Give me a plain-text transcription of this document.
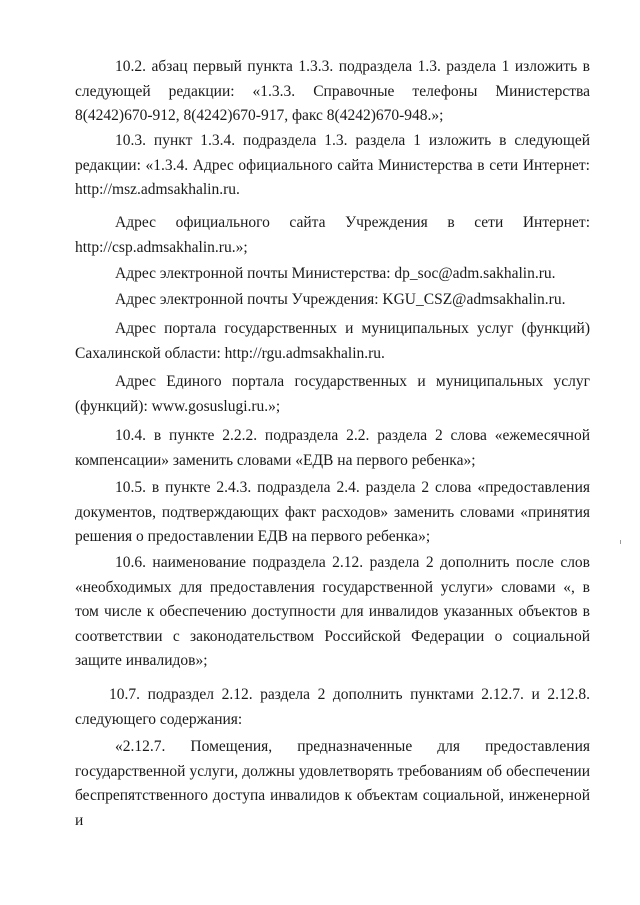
10.2. абзац первый пункта 1.3.3. подраздела 1.3. раздела 1 изложить в следующей редакции: «1.3.3. Справочные телефоны Министерства 8(4242)670-912, 8(4242)670-917, факс 8(4242)670-948.»;

10.3. пункт 1.3.4. подраздела 1.3. раздела 1 изложить в следующей редакции: «1.3.4. Адрес официального сайта Министерства в сети Интернет: http://msz.admsakhalin.ru.

Адрес официального сайта Учреждения в сети Интернет: http://csp.admsakhalin.ru.»;

Адрес электронной почты Министерства: dp_soc@adm.sakhalin.ru.

Адрес электронной почты Учреждения: KGU_CSZ@admsakhalin.ru.

Адрес портала государственных и муниципальных услуг (функций) Сахалинской области: http://rgu.admsakhalin.ru.

Адрес Единого портала государственных и муниципальных услуг (функций): www.gosuslugi.ru.»;

10.4. в пункте 2.2.2. подраздела 2.2. раздела 2 слова «ежемесячной компенсации» заменить словами «ЕДВ на первого ребенка»;

10.5. в пункте 2.4.3. подраздела 2.4. раздела 2 слова «предоставления документов, подтверждающих факт расходов» заменить словами «принятия решения о предоставлении ЕДВ на первого ребенка»;

10.6. наименование подраздела 2.12. раздела 2 дополнить после слов «необходимых для предоставления государственной услуги» словами «, в том числе к обеспечению доступности для инвалидов указанных объектов в соответствии с законодательством Российской Федерации о социальной защите инвалидов»;

10.7. подраздел 2.12. раздела 2 дополнить пунктами 2.12.7. и 2.12.8. следующего содержания:

«2.12.7. Помещения, предназначенные для предоставления государственной услуги, должны удовлетворять требованиям об обеспечении беспрепятственного доступа инвалидов к объектам социальной, инженерной и
